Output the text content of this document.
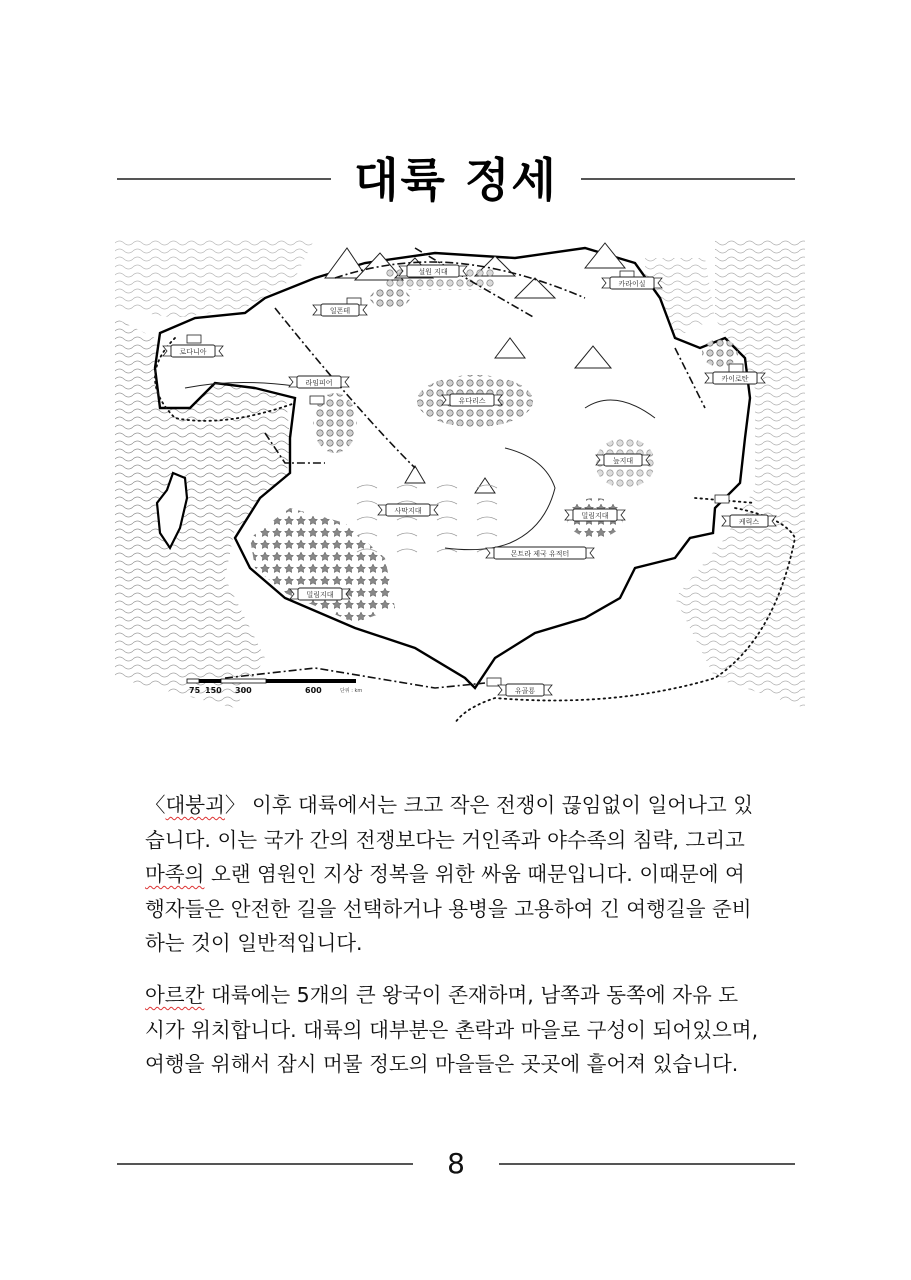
대륙 정세
설원 지대
카라이실
일폰테
로다니아
카이로탄
라임피어
유다리스
늪지대
사막지대
밀림지대
케릭스
몬트라 제국 유적터
밀림지대
유골룡
75 150 300	600	단위 : km

〈대붕괴〉 이후 대륙에서는 크고 작은 전쟁이 끊임없이 일어나고 있

습니다. 이는 국가 간의 전쟁보다는 거인족과 야수족의 침략, 그리고

마족의 오랜 염원인 지상 정복을 위한 싸움 때문입니다. 이때문에 여

행자들은 안전한 길을 선택하거나 용병을 고용하여 긴 여행길을 준비

하는 것이 일반적입니다.

아르칸 대륙에는 5개의 큰 왕국이 존재하며, 남쪽과 동쪽에 자유 도

시가 위치합니다. 대륙의 대부분은 촌락과 마을로 구성이 되어있으며,

여행을 위해서 잠시 머물 정도의 마을들은 곳곳에 흩어져 있습니다.

8
